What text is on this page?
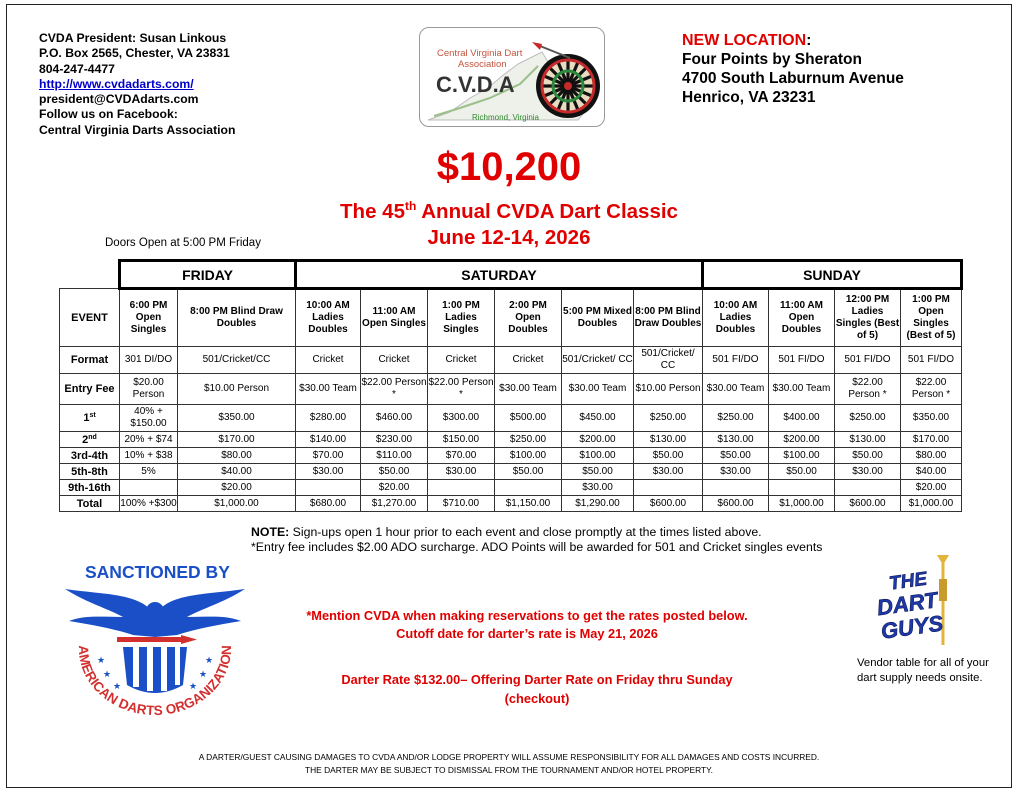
CVDA President: Susan Linkous
P.O. Box 2565, Chester, VA 23831
804-247-4477
http://www.cvdadarts.com/
president@CVDAdarts.com
Follow us on Facebook:
Central Virginia Darts Association
Central Virginia Dart
Association
C.V.D.A
Richmond, Virginia
NEW LOCATION:
Four Points by Sheraton
4700 South Laburnum Avenue
Henrico, VA 23231
$10,200
The 45th Annual CVDA Dart Classic
June 12-14, 2026
Doors Open at 5:00 PM Friday
	FRIDAY		SATURDAY						SUNDAY			
EVENT	6:00 PM Open Singles	8:00 PM Blind Draw Doubles	10:00 AM Ladies Doubles	11:00 AM Open Singles	1:00 PM Ladies Singles	2:00 PM Open Doubles	5:00 PM Mixed Doubles	8:00 PM Blind Draw Doubles	10:00 AM Ladies Doubles	11:00 AM Open Doubles	12:00 PM Ladies Singles (Best of 5)	1:00 PM Open Singles (Best of 5)
Format	301 DI/DO	501/Cricket/CC	Cricket	Cricket	Cricket	Cricket	501/Cricket/ CC	501/Cricket/ CC	501 FI/DO	501 FI/DO	501 FI/DO	501 FI/DO
Entry Fee	$20.00 Person	$10.00 Person	$30.00 Team	$22.00 Person *	$22.00 Person *	$30.00 Team	$30.00 Team	$10.00 Person	$30.00 Team	$30.00 Team	$22.00 Person *	$22.00 Person *
1st	40% + $150.00	$350.00	$280.00	$460.00	$300.00	$500.00	$450.00	$250.00	$250.00	$400.00	$250.00	$350.00
2nd	20% + $74	$170.00	$140.00	$230.00	$150.00	$250.00	$200.00	$130.00	$130.00	$200.00	$130.00	$170.00
3rd-4th	10% + $38	$80.00	$70.00	$110.00	$70.00	$100.00	$100.00	$50.00	$50.00	$100.00	$50.00	$80.00
5th-8th	5%	$40.00	$30.00	$50.00	$30.00	$50.00	$50.00	$30.00	$30.00	$50.00	$30.00	$40.00
9th-16th		$20.00		$20.00			$30.00					$20.00
Total	100% +$300	$1,000.00	$680.00	$1,270.00	$710.00	$1,150.00	$1,290.00	$600.00	$600.00	$1,000.00	$600.00	$1,000.00
NOTE: Sign-ups open 1 hour prior to each event and close promptly at the times listed above.
*Entry fee includes $2.00 ADO surcharge. ADO Points will be awarded for 501 and Cricket singles events
SANCTIONED BY
★
★
★
★
★
★
AMERICAN DARTS ORGANIZATION
*Mention CVDA when making reservations to get the rates posted below.
Cutoff date for darter’s rate is May 21, 2026
Darter Rate $132.00– Offering Darter Rate on Friday thru Sunday
(checkout)
THE
DART
GUYS
Vendor table for all of your dart supply needs onsite.
A DARTER/GUEST CAUSING DAMAGES TO CVDA AND/OR LODGE PROPERTY WILL ASSUME RESPONSIBILITY FOR ALL DAMAGES AND COSTS INCURRED.
THE DARTER MAY BE SUBJECT TO DISMISSAL FROM THE TOURNAMENT AND/OR HOTEL PROPERTY.
